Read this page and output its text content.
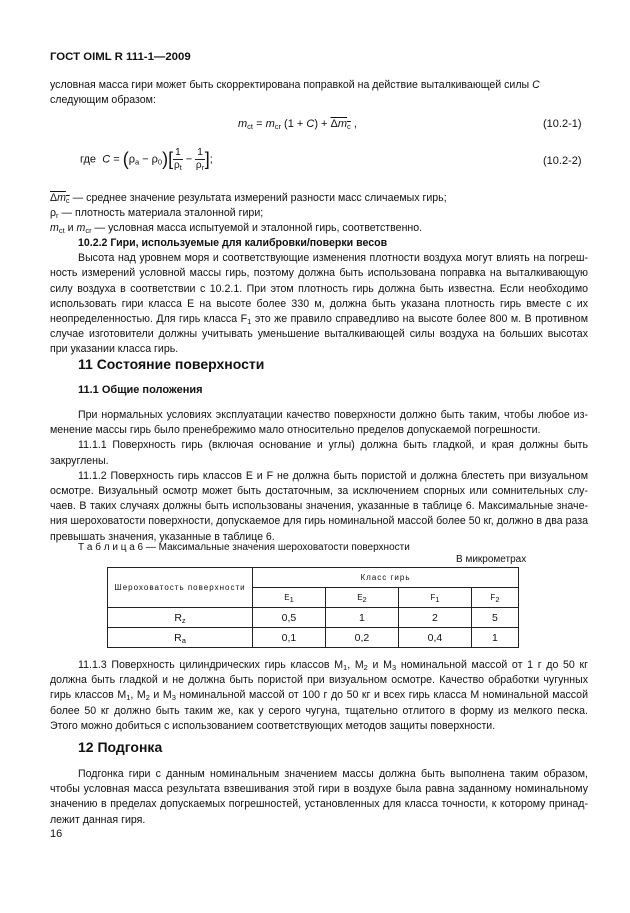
ГОСТ OIML R 111-1—2009
условная масса гири может быть скорректирована поправкой на действие выталкивающей силы C
следующим образом:
$m_{ct} = m_{cr}$ $(1 + C) + \Delta m_c$ ,	(10.2-1)
где $C = (\rho_a - \rho_0)[ \frac{1}{\rho_t} - \frac{1}{\rho_r}$ ];	(10.2-2)
$\Delta m_c$ — среднее значение результата измерений разности масс сличаемых гирь;
$\rho_r$ — плотность материала эталонной гири;
$m_{ct}$ и $m_{cr}$ — условная масса испытуемой и эталонной гирь, соответственно.
10.2.2 Гири, используемые для калибровки/поверки весов
Высота над уровнем моря и соответствующие изменения плотности воздуха могут влиять на погрешность измерений условной массы гирь, поэтому должна быть использована поправка на выталкивающую силу воздуха в соответствии с 10.2.1. При этом плотность гирь должна быть известна. Если необходимо использовать гири класса E на высоте более 330 м, должна быть указана плотность гирь вместе с их неопределенностью. Для гирь класса $F_1$ это же правило справедливо на высоте более 800 м. В противном случае изготовители должны учитывать уменьшение выталкивающей силы воздуха на больших высотах при указании класса гирь.
11 Состояние поверхности
11.1 Общие положения
При нормальных условиях эксплуатации качество поверхности должно быть таким, чтобы любое изменение массы гирь было пренебрежимо мало относительно пределов допускаемой погрешности.
11.1.1 Поверхность гирь (включая основание и углы) должна быть гладкой, и края должны быть закруглены.
11.1.2 Поверхность гирь классов E и F не должна быть пористой и должна блестеть при визуальном осмотре. Визуальный осмотр может быть достаточным, за исключением спорных или сомнительных случаев. В таких случаях должны быть использованы значения, указанные в таблице 6. Максимальные значения шероховатости поверхности, допускаемое для гирь номинальной массой более 50 кг, должно в два раза превышать значения, указанные в таблице 6.
Т а б л и ц а 6 — Максимальные значения шероховатости поверхности
В микрометрах
Шероховатость поверхности	Класс гирь			
	$E_1$	$E_2$	$F_1$	$F_2$
$R_z$	0,5	1	2	5
$R_a$	0,1	0,2	0,4	1
11.1.3 Поверхность цилиндрических гирь классов $M_1$, $M_2$ и $M_3$ номинальной массой от 1 г до 50 кг должна быть гладкой и не должна быть пористой при визуальном осмотре. Качество обработки чугунных гирь классов $M_1$, $M_2$ и $M_3$ номинальной массой от 100 г до 50 кг и всех гирь класса M номинальной массой более 50 кг должно быть таким же, как у серого чугуна, тщательно отлитого в форму из мелкого песка. Этого можно добиться с использованием соответствующих методов защиты поверхности.
12 Подгонка
Подгонка гири с данным номинальным значением массы должна быть выполнена таким образом, чтобы условная масса результата взвешивания этой гири в воздухе была равна заданному номинальному значению в пределах допускаемых погрешностей, установленных для класса точности, к которому принадлежит данная гиря.
16
